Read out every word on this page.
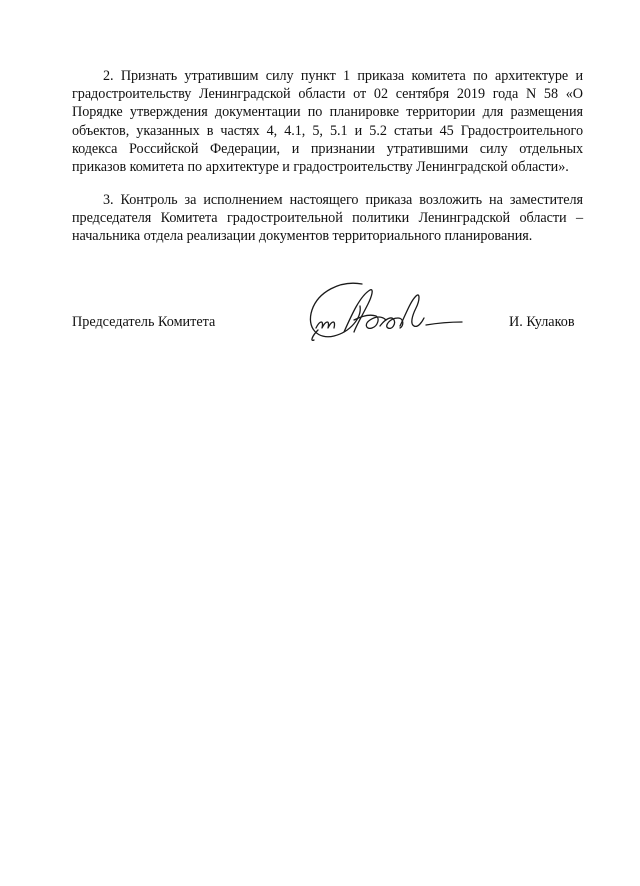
2. Признать утратившим силу пункт 1 приказа комитета по архитектуре и градостроительству Ленинградской области от 02 сентября 2019 года N 58 «О Порядке утверждения документации по планировке территории для размещения объектов, указанных в частях 4, 4.1, 5, 5.1 и 5.2 статьи 45 Градостроительного кодекса Российской Федерации, и признании утратившими силу отдельных приказов комитета по архитектуре и градостроительству Ленинградской области».

3. Контроль за исполнением настоящего приказа возложить на заместителя председателя Комитета градостроительной политики Ленинградской области – начальника отдела реализации документов территориального планирования.

Председатель Комитета	И. Кулаков
